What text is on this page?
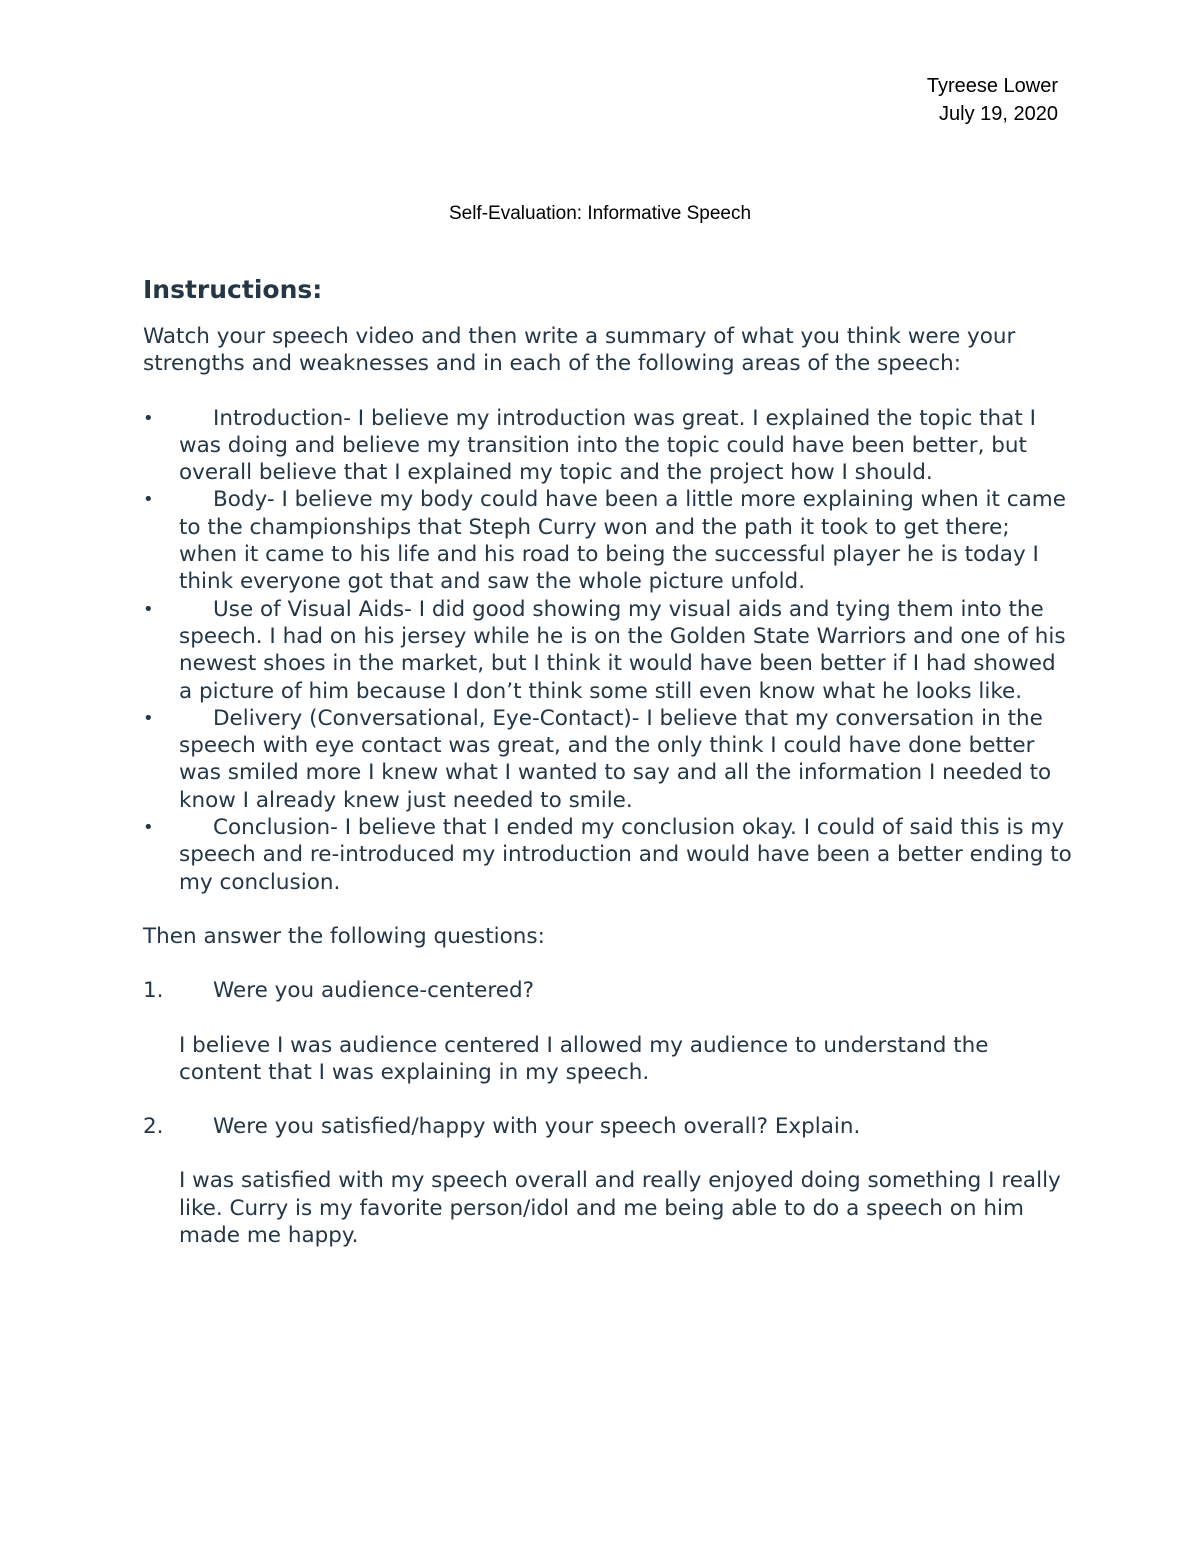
Tyreese Lower
July 19, 2020
Self-Evaluation: Informative Speech
Instructions:

Watch your speech video and then write a summary of what you think were your strengths and weaknesses and in each of the following areas of the speech:

•	Introduction- I believe my introduction was great. I explained the topic that I was doing and believe my transition into the topic could have been better, but overall believe that I explained my topic and the project how I should.
•	Body- I believe my body could have been a little more explaining when it came to the championships that Steph Curry won and the path it took to get there; when it came to his life and his road to being the successful player he is today I think everyone got that and saw the whole picture unfold.
•	Use of Visual Aids- I did good showing my visual aids and tying them into the speech. I had on his jersey while he is on the Golden State Warriors and one of his newest shoes in the market, but I think it would have been better if I had showed a picture of him because I don’t think some still even know what he looks like.
•	Delivery (Conversational, Eye-Contact)- I believe that my conversation in the speech with eye contact was great, and the only think I could have done better was smiled more I knew what I wanted to say and all the information I needed to know I already knew just needed to smile.
•	Conclusion- I believe that I ended my conclusion okay. I could of said this is my speech and re-introduced my introduction and would have been a better ending to my conclusion.

Then answer the following questions:

1. Were you audience-centered?

I believe I was audience centered I allowed my audience to understand the content that I was explaining in my speech.

2. Were you satisfied/happy with your speech overall? Explain.

I was satisfied with my speech overall and really enjoyed doing something I really like. Curry is my favorite person/idol and me being able to do a speech on him made me happy.
